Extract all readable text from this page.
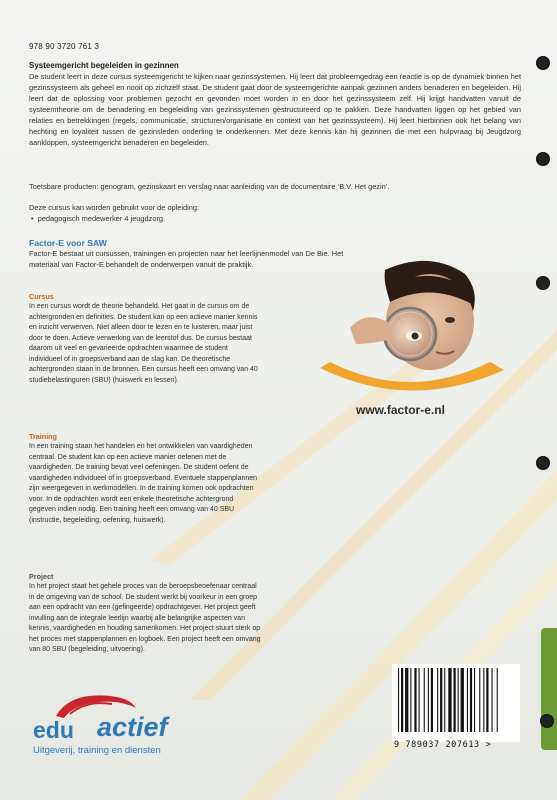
978 90 3720 761 3
Systeemgericht begeleiden in gezinnen
De student leert in deze cursus systeemgericht te kijken naar gezinssystemen. Hij leert dat probleemgedrag een reactie is op de dynamiek binnen het gezinssysteem als geheel en nooit op zichzelf staat. De student gaat door de systeemgerichte aanpak gezinnen anders benaderen en begeleiden. Hij leert dat de oplossing voor problemen gezocht en gevonden moet worden in en door het gezinssysteem zelf. Hij krijgt handvatten vanuit de systeemtheorie om de benadering en begeleiding van gezinssystemen gestructureerd op te pakken. Deze handvatten liggen op het gebied van relaties en betrekkingen (regels, communicatie, structuren/organisatie en context van het gezinssysteem). Hij leert hierbinnen ook het belang van hechting en loyaliteit tussen de gezinsleden onderling te onderkennen. Met deze kennis kan hij gezinnen die met een hulpvraag bij Jeugdzorg aankloppen, systeemgericht benaderen en begeleiden.
Toetsbare producten: genogram, gezinskaart en verslag naar aanleiding van de documentaire ‘B.V. Het gezin’.
Deze cursus kan worden gebruikt voor de opleiding:
•  pedagogisch medewerker 4 jeugdzorg.
Factor-E voor SAW
Factor-E bestaat uit cursussen, trainingen en projecten naar het leerlijnenmodel van De Bie. Het materiaal van Factor-E behandelt de onderwerpen vanuit de praktijk.
www.factor-e.nl
Cursus
In een cursus wordt de theorie behandeld. Het gaat in de cursus om de achtergronden en definities. De student kan op een actieve manier kennis en inzicht verwerven. Niet alleen door te lezen en te luisteren, maar juist door te doen. Actieve verwerking van de leerstof dus. De cursus bestaat daarom uit veel en gevarieerde opdrachten waarmee de student individueel of in groepsverband aan de slag kan. De theoretische achtergronden staan in de bronnen. Een cursus heeft een omvang van 40 studiebelastinguren (SBU) (huiswerk en lessen).
Training
In een training staan het handelen en het ontwikkelen van vaardigheden centraal. De student kan op een actieve manier oefenen met de vaardigheden. De training bevat veel oefeningen. De student oefent de vaardigheden individueel of in groepsverband. Eventuele stappenplannen zijn weergegeven in werkmodellen. In de training komen ook opdrachten voor. In de opdrachten wordt een enkele theoretische achtergrond gegeven indien nodig. Een training heeft een omvang van 40 SBU (instructie, begeleiding, oefening, huiswerk).
Project
In het project staat het gehele proces van de beroepsbeoefenaar centraal in de omgeving van de school. De student werkt bij voorkeur in een groep aan een opdracht van een (gefingeerde) opdrachtgever. Het project geeft invulling aan de integrale leerlijn waarbij alle belangrijke aspecten van kennis, vaardigheden en houding samenkomen. Het project stuurt sterk op het proces met stappenplannen en logboek. Een project heeft een omvang van 80 SBU (begeleiding, uitvoering).
edu actief
Uitgeverij, training en diensten	9 789037 207613 >
